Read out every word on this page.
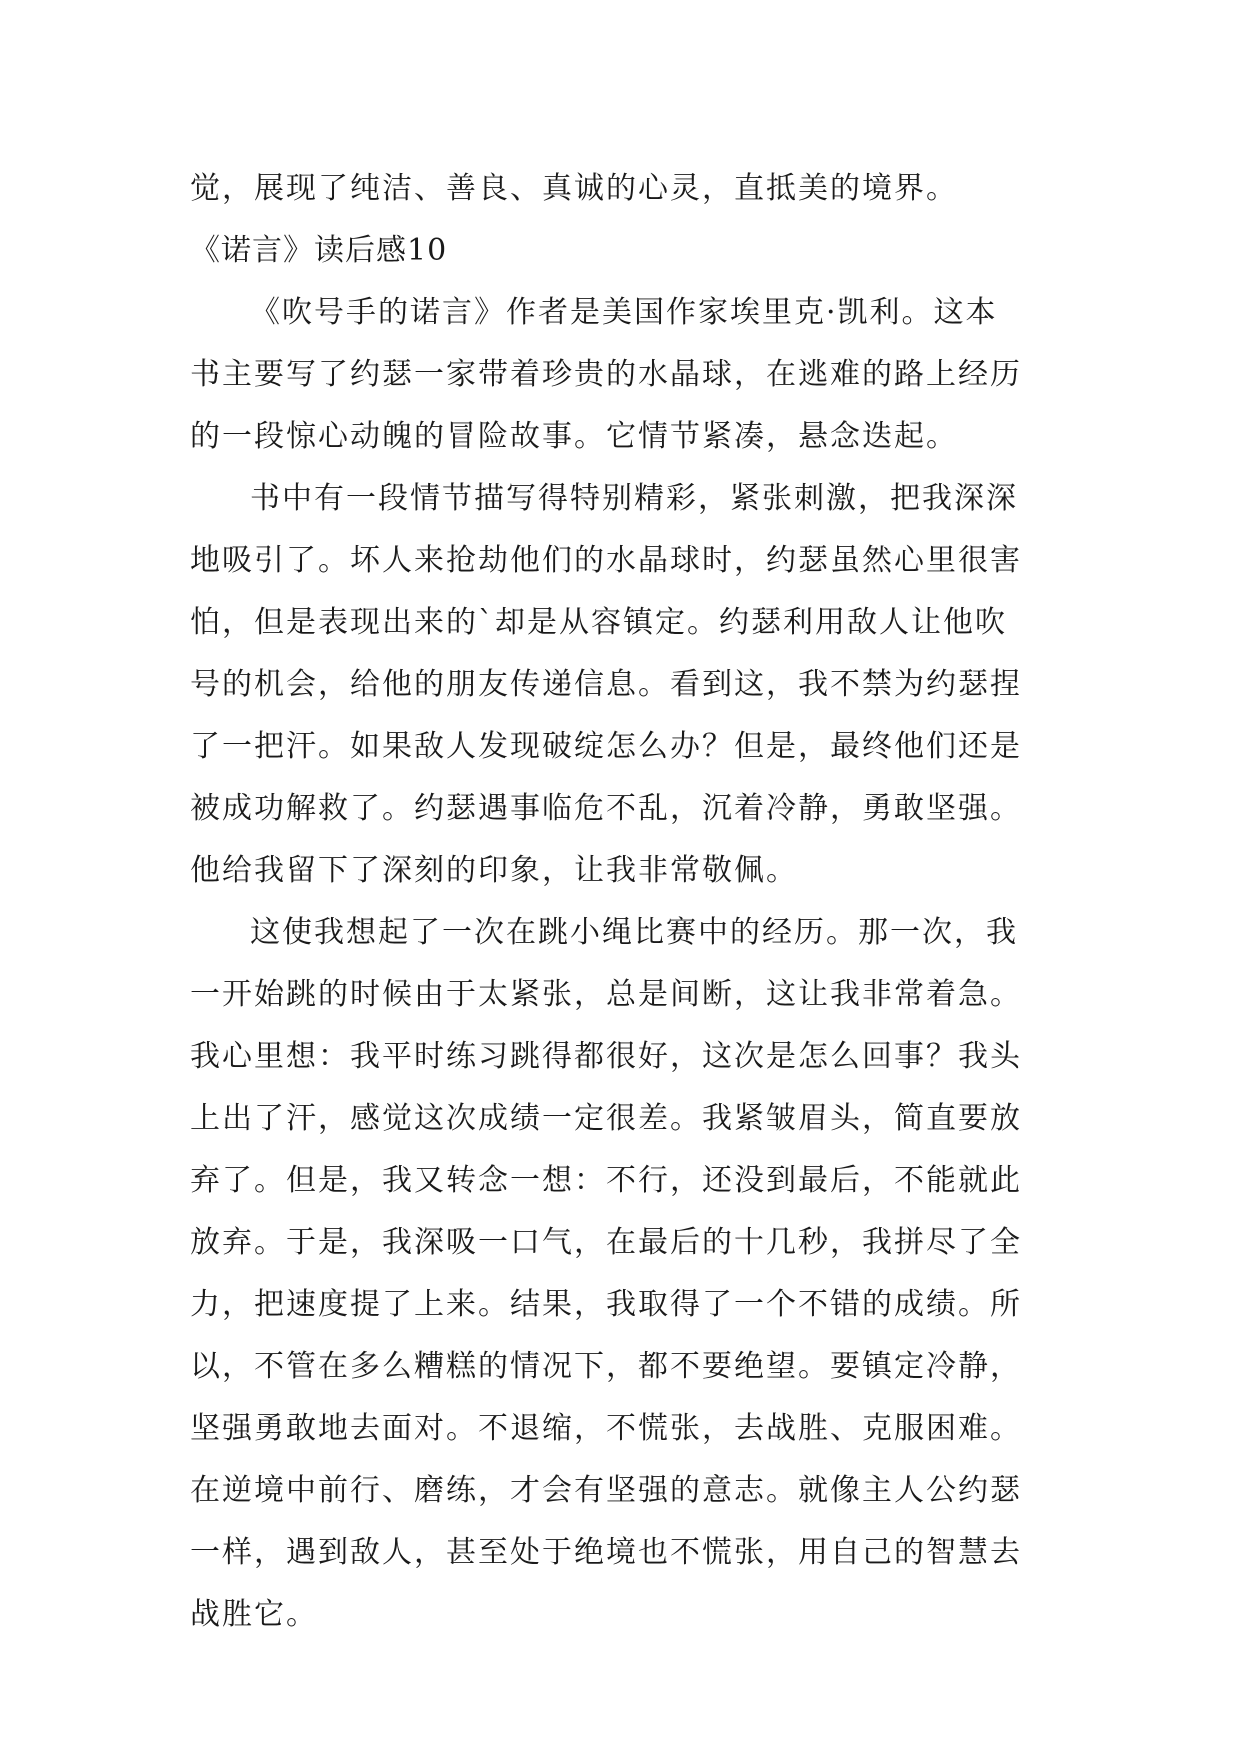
觉，展现了纯洁、善良、真诚的心灵，直抵美的境界。
《诺言》读后感10
《吹号手的诺言》作者是美国作家埃里克·凯利。这本
书主要写了约瑟一家带着珍贵的水晶球，在逃难的路上经历
的一段惊心动魄的冒险故事。它情节紧凑，悬念迭起。
书中有一段情节描写得特别精彩，紧张刺激，把我深深
地吸引了。坏人来抢劫他们的水晶球时，约瑟虽然心里很害
怕，但是表现出来的`却是从容镇定。约瑟利用敌人让他吹
号的机会，给他的朋友传递信息。看到这，我不禁为约瑟捏
了一把汗。如果敌人发现破绽怎么办？但是，最终他们还是
被成功解救了。约瑟遇事临危不乱，沉着冷静，勇敢坚强。
他给我留下了深刻的印象，让我非常敬佩。
这使我想起了一次在跳小绳比赛中的经历。那一次，我
一开始跳的时候由于太紧张，总是间断，这让我非常着急。
我心里想：我平时练习跳得都很好，这次是怎么回事？我头
上出了汗，感觉这次成绩一定很差。我紧皱眉头，简直要放
弃了。但是，我又转念一想：不行，还没到最后，不能就此
放弃。于是，我深吸一口气，在最后的十几秒，我拼尽了全
力，把速度提了上来。结果，我取得了一个不错的成绩。所
以，不管在多么糟糕的情况下，都不要绝望。要镇定冷静，
坚强勇敢地去面对。不退缩，不慌张，去战胜、克服困难。
在逆境中前行、磨练，才会有坚强的意志。就像主人公约瑟
一样，遇到敌人，甚至处于绝境也不慌张，用自己的智慧去
战胜它。
